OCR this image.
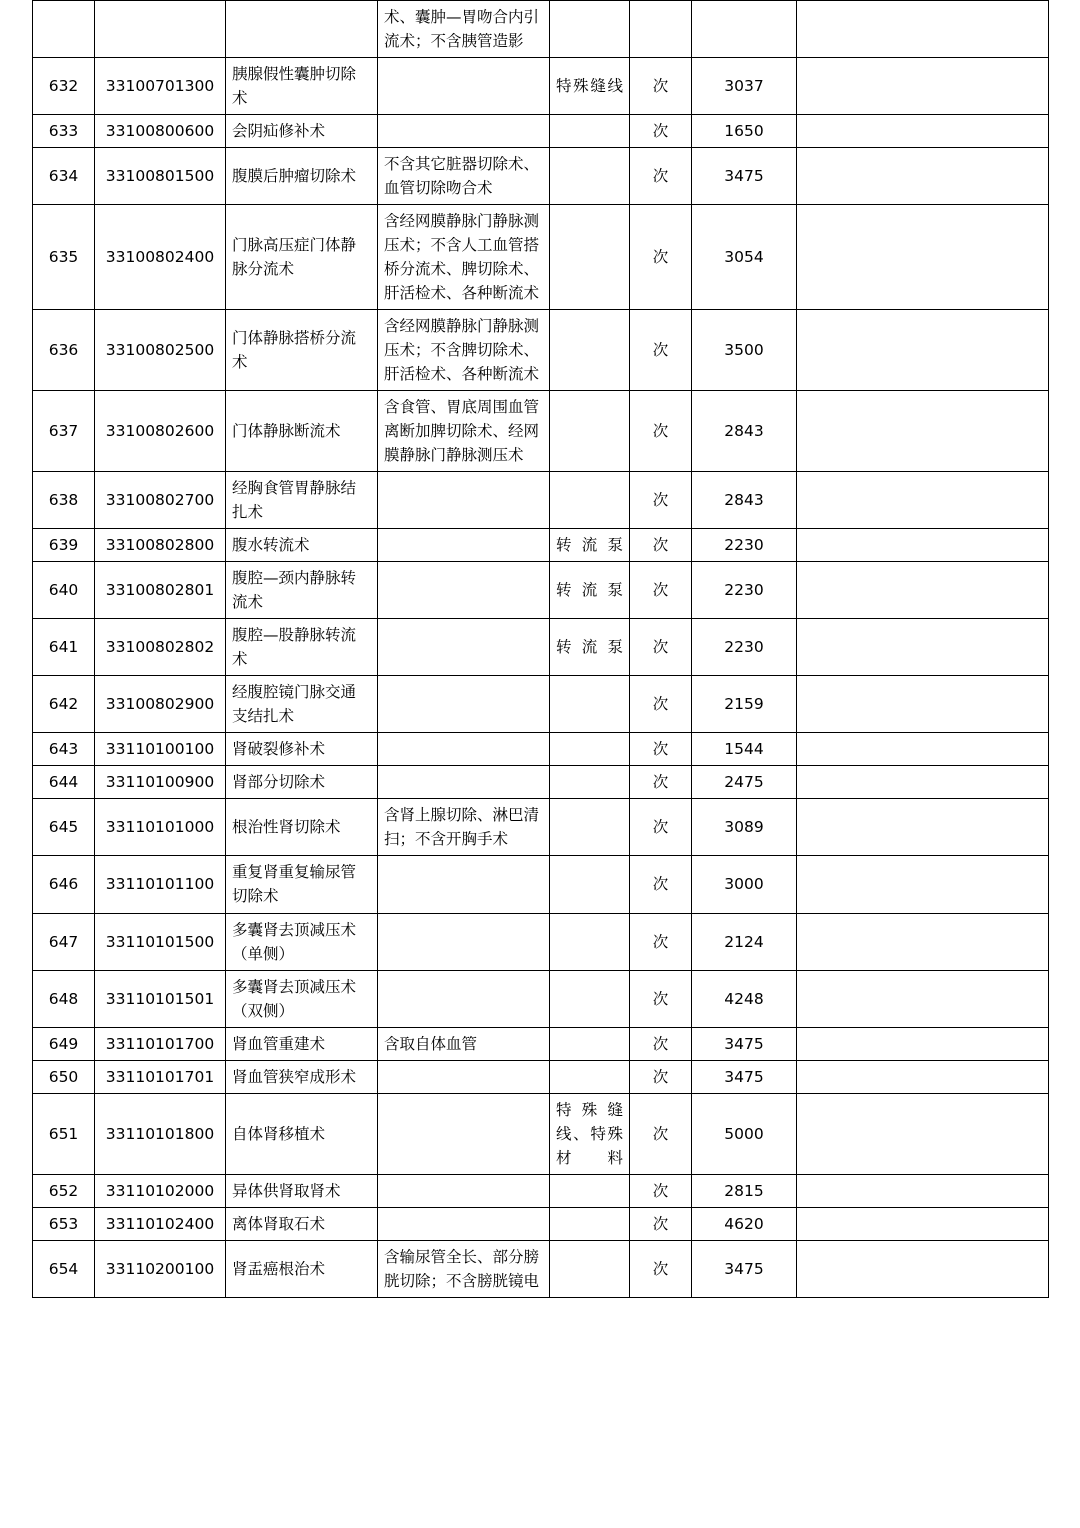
			术、囊肿—胃吻合内引流术；不含胰管造影				
632	33100701300	胰腺假性囊肿切除术		特殊缝线	次	3037	
633	33100800600	会阴疝修补术			次	1650	
634	33100801500	腹膜后肿瘤切除术	不含其它脏器切除术、血管切除吻合术		次	3475	
635	33100802400	门脉高压症门体静脉分流术	含经网膜静脉门静脉测压术；不含人工血管搭桥分流术、脾切除术、肝活检术、各种断流术		次	3054	
636	33100802500	门体静脉搭桥分流术	含经网膜静脉门静脉测压术；不含脾切除术、肝活检术、各种断流术		次	3500	
637	33100802600	门体静脉断流术	含食管、胃底周围血管离断加脾切除术、经网膜静脉门静脉测压术		次	2843	
638	33100802700	经胸食管胃静脉结扎术			次	2843	
639	33100802800	腹水转流术		转流泵	次	2230	
640	33100802801	腹腔—颈内静脉转流术		转流泵	次	2230	
641	33100802802	腹腔—股静脉转流术		转流泵	次	2230	
642	33100802900	经腹腔镜门脉交通支结扎术			次	2159	
643	33110100100	肾破裂修补术			次	1544	
644	33110100900	肾部分切除术			次	2475	
645	33110101000	根治性肾切除术	含肾上腺切除、淋巴清扫；不含开胸手术		次	3089	
646	33110101100	重复肾重复输尿管切除术			次	3000	
647	33110101500	多囊肾去顶减压术（单侧）			次	2124	
648	33110101501	多囊肾去顶减压术（双侧）			次	4248	
649	33110101700	肾血管重建术	含取自体血管		次	3475	
650	33110101701	肾血管狭窄成形术			次	3475	
651	33110101800	自体肾移植术		特殊缝线、特殊材料	次	5000	
652	33110102000	异体供肾取肾术			次	2815	
653	33110102400	离体肾取石术			次	4620	
654	33110200100	肾盂癌根治术	含输尿管全长、部分膀胱切除；不含膀胱镜电		次	3475	
